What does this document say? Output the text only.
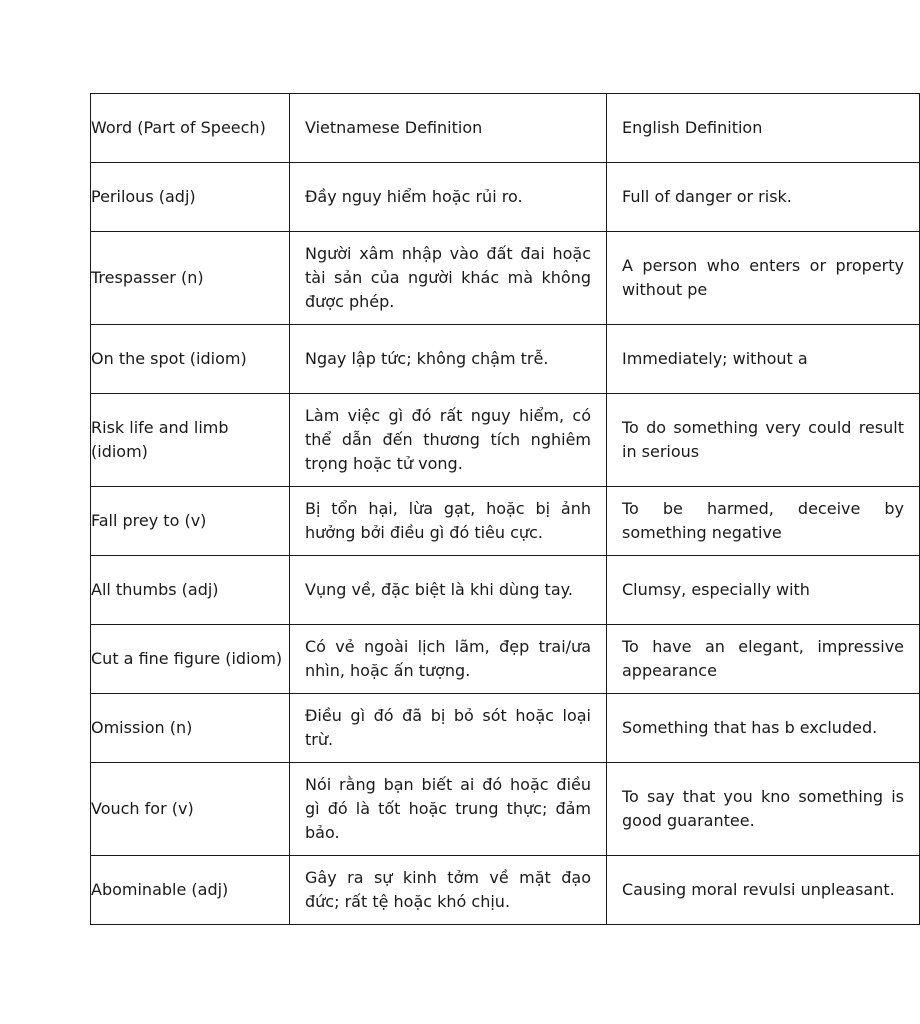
Word (Part of Speech)	Vietnamese Definition	English Definition
Perilous (adj)	Đầy nguy hiểm hoặc rủi ro.	Full of danger or risk.
Trespasser (n)	Người xâm nhập vào đất đai hoặc tài sản của người khác mà không được phép.	A person who enters or property without pe
On the spot (idiom)	Ngay lập tức; không chậm trễ.	Immediately; without a
Risk life and limb (idiom)	Làm việc gì đó rất nguy hiểm, có thể dẫn đến thương tích nghiêm trọng hoặc tử vong.	To do something very could result in serious
Fall prey to (v)	Bị tổn hại, lừa gạt, hoặc bị ảnh hưởng bởi điều gì đó tiêu cực.	To be harmed, deceive by something negative
All thumbs (adj)	Vụng về, đặc biệt là khi dùng tay.	Clumsy, especially with
Cut a fine figure (idiom)	Có vẻ ngoài lịch lãm, đẹp trai/ưa nhìn, hoặc ấn tượng.	To have an elegant, impressive appearance
Omission (n)	Điều gì đó đã bị bỏ sót hoặc loại trừ.	Something that has b excluded.
Vouch for (v)	Nói rằng bạn biết ai đó hoặc điều gì đó là tốt hoặc trung thực; đảm bảo.	To say that you kno something is good guarantee.
Abominable (adj)	Gây ra sự kinh tởm về mặt đạo đức; rất tệ hoặc khó chịu.	Causing moral revulsi unpleasant.
